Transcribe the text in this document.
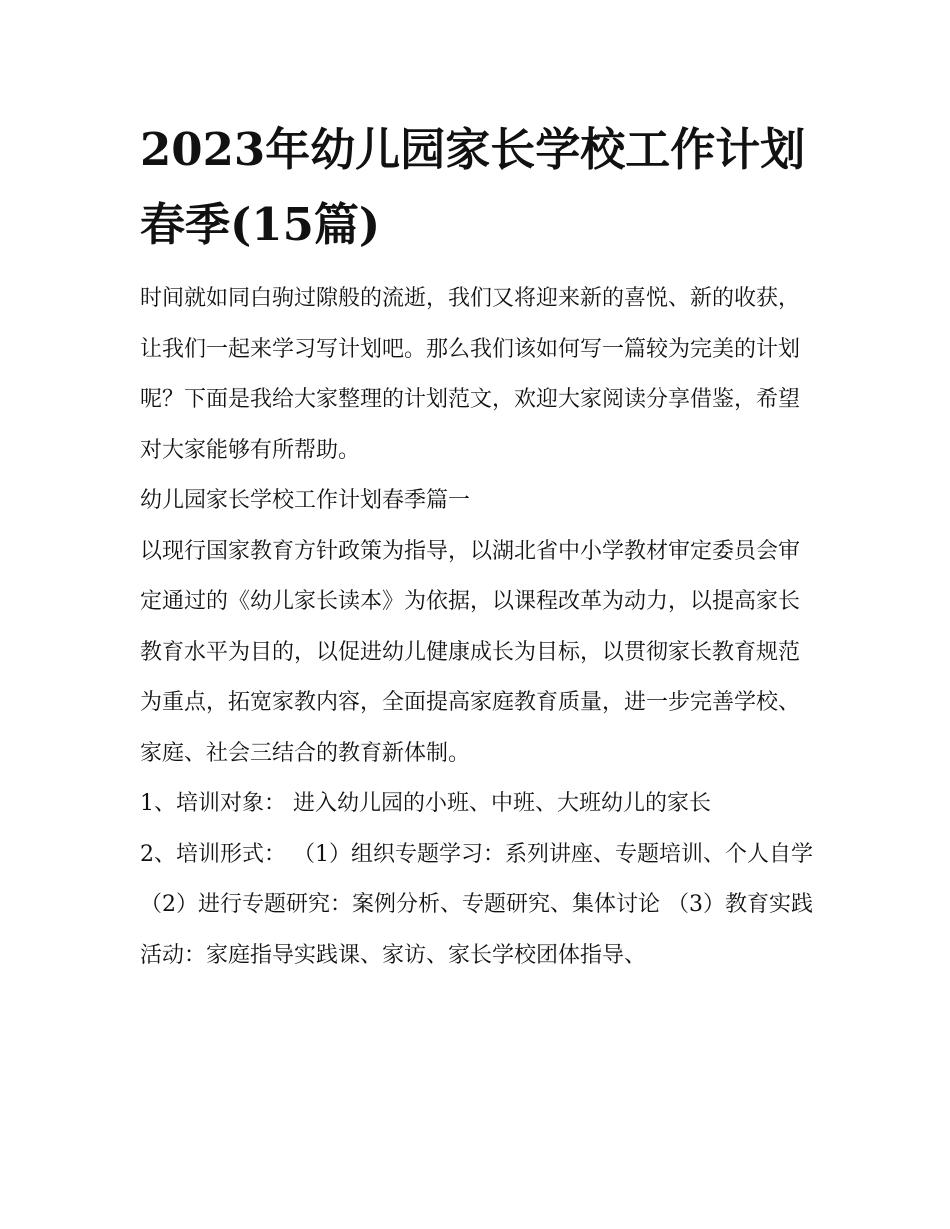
2023年幼儿园家长学校工作计划春季(15篇)

时间就如同白驹过隙般的流逝，我们又将迎来新的喜悦、新的收获，让我们一起来学习写计划吧。那么我们该如何写一篇较为完美的计划呢？下面是我给大家整理的计划范文，欢迎大家阅读分享借鉴，希望对大家能够有所帮助。

幼儿园家长学校工作计划春季篇一

以现行国家教育方针政策为指导，以湖北省中小学教材审定委员会审定通过的《幼儿家长读本》为依据，以课程改革为动力，以提高家长教育水平为目的，以促进幼儿健康成长为目标，以贯彻家长教育规范为重点，拓宽家教内容，全面提高家庭教育质量，进一步完善学校、家庭、社会三结合的教育新体制。

1、培训对象： 进入幼儿园的小班、中班、大班幼儿的家长

2、培训形式： （1）组织专题学习：系列讲座、专题培训、个人自学

（2）进行专题研究：案例分析、专题研究、集体讨论 （3）教育实践活动：家庭指导实践课、家访、家长学校团体指导、
